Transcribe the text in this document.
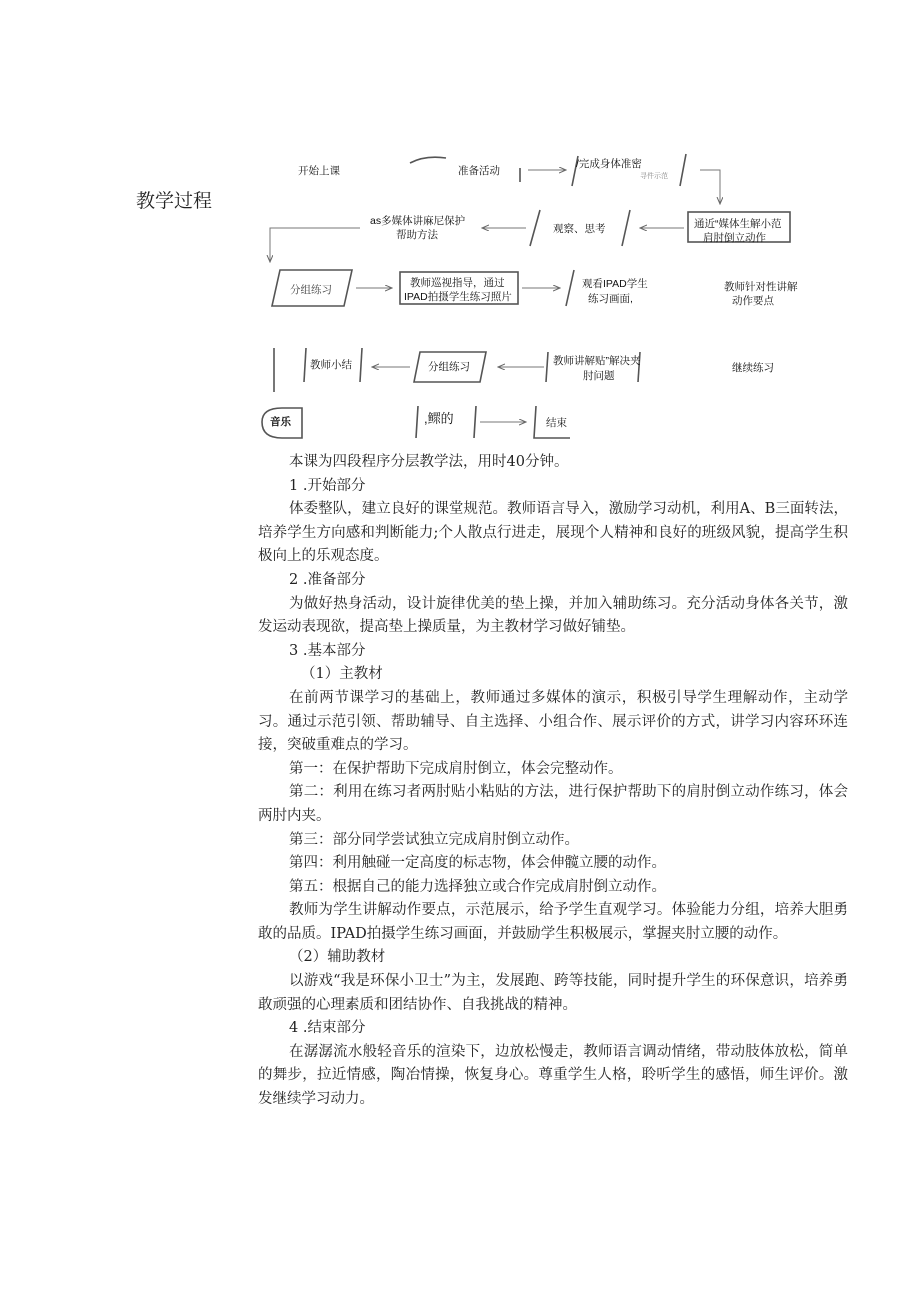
教学过程
开始上课	准备活动
/完成身体准密
寻件示范
通近“媒体生解小范
肩肘倒立动作
观察、思考
as多媒体讲麻尼保护
帮助方法
分组练习
教师巡视指导，通过
IPAD拍摄学生练习照片
观看IPAD学生
练习画面,
教师针对性讲解
动作要点
教师小结	分组练习	教师讲解贴”解决夹
肘问题
继续练习
音乐	,鳏的	结束

本课为四段程序分层教学法，用时40分钟。

1 .开始部分

体委整队，建立良好的课堂规范。教师语言导入，激励学习动机，利用A、B三面转法，培养学生方向感和判断能力;个人散点行进走，展现个人精神和良好的班级风貌，提高学生积极向上的乐观态度。

2 .准备部分

为做好热身活动，设计旋律优美的垫上操，并加入辅助练习。充分活动身体各关节，激发运动表现欲，提高垫上操质量，为主教材学习做好铺垫。

3 .基本部分

（1）主教材

在前两节课学习的基础上，教师通过多媒体的演示，积极引导学生理解动作，主动学习。通过示范引领、帮助辅导、自主选择、小组合作、展示评价的方式，讲学习内容环环连接，突破重难点的学习。

第一：在保护帮助下完成肩肘倒立，体会完整动作。

第二：利用在练习者两肘贴小粘贴的方法，进行保护帮助下的肩肘倒立动作练习，体会两肘内夹。

第三：部分同学尝试独立完成肩肘倒立动作。

第四：利用触碰一定高度的标志物，体会伸髋立腰的动作。

第五：根据自己的能力选择独立或合作完成肩肘倒立动作。

教师为学生讲解动作要点，示范展示，给予学生直观学习。体验能力分组，培养大胆勇敢的品质。IPAD拍摄学生练习画面，并鼓励学生积极展示，掌握夹肘立腰的动作。

（2）辅助教材

以游戏“我是环保小卫士”为主，发展跑、跨等技能，同时提升学生的环保意识，培养勇敢顽强的心理素质和团结协作、自我挑战的精神。

4 .结束部分

在潺潺流水般轻音乐的渲染下，边放松慢走，教师语言调动情绪，带动肢体放松，简单的舞步，拉近情感，陶冶情操，恢复身心。尊重学生人格，聆听学生的感悟，师生评价。激发继续学习动力。
